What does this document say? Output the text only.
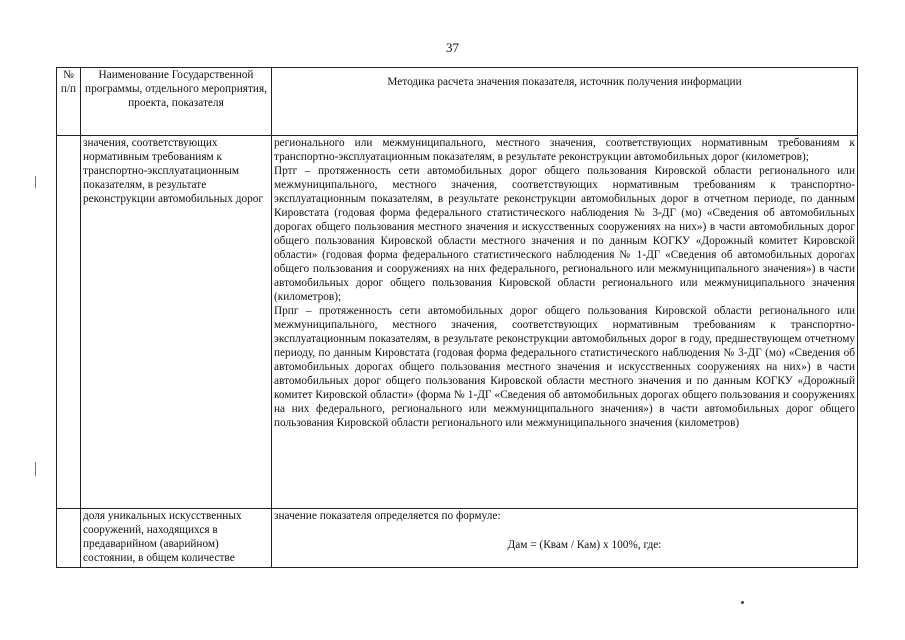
37
№ п/п	Наименование Государственной программы, отдельного мероприятия, проекта, показателя	Методика расчета значения показателя, источник получения информации
	значения, соответствующих нормативным требованиям к транспортно-эксплуатационным показателям, в результате реконструкции автомобильных дорог	регионального или межмуниципального, местного значения, соответствующих нормативным требованиям к транспортно-эксплуатационным показателям, в результате реконструкции автомобильных дорог (километров);

Пртг – протяженность сети автомобильных дорог общего пользования Кировской области регионального или межмуниципального, местного значения, соответствующих нормативным требованиям к транспортно-эксплуатационным показателям, в результате реконструкции автомобильных дорог в отчетном периоде, по данным Кировстата (годовая форма федерального статистического наблюдения № 3-ДГ (мо) «Сведения об автомобильных дорогах общего пользования местного значения и искусственных сооружениях на них») в части автомобильных дорог общего пользования Кировской области местного значения и по данным КОГКУ «Дорожный комитет Кировской области» (годовая форма федерального статистического наблюдения № 1-ДГ «Сведения об автомобильных дорогах общего пользования и сооружениях на них федерального, регионального или межмуниципального значения») в части автомобильных дорог общего пользования Кировской области регионального или межмуниципального значения (километров);

Прпг – протяженность сети автомобильных дорог общего пользования Кировской области регионального или межмуниципального, местного значения, соответствующих нормативным требованиям к транспортно-эксплуатационным показателям, в результате реконструкции автомобильных дорог в году, предшествующем отчетному периоду, по данным Кировстата (годовая форма федерального статистического наблюдения № 3-ДГ (мо) «Сведения об автомобильных дорогах общего пользования местного значения и искусственных сооружениях на них») в части автомобильных дорог общего пользования Кировской области местного значения и по данным КОГКУ «Дорожный комитет Кировской области» (форма № 1-ДГ «Сведения об автомобильных дорогах общего пользования и сооружениях на них федерального, регионального или межмуниципального значения») в части автомобильных дорог общего пользования Кировской области регионального или межмуниципального значения (километров)

	доля уникальных искусственных сооружений, находящихся в предаварийном (аварийном) состоянии, в общем количестве	значение показателя определяется по формуле:
Дам = (Квам / Кам) x 100%, где:
